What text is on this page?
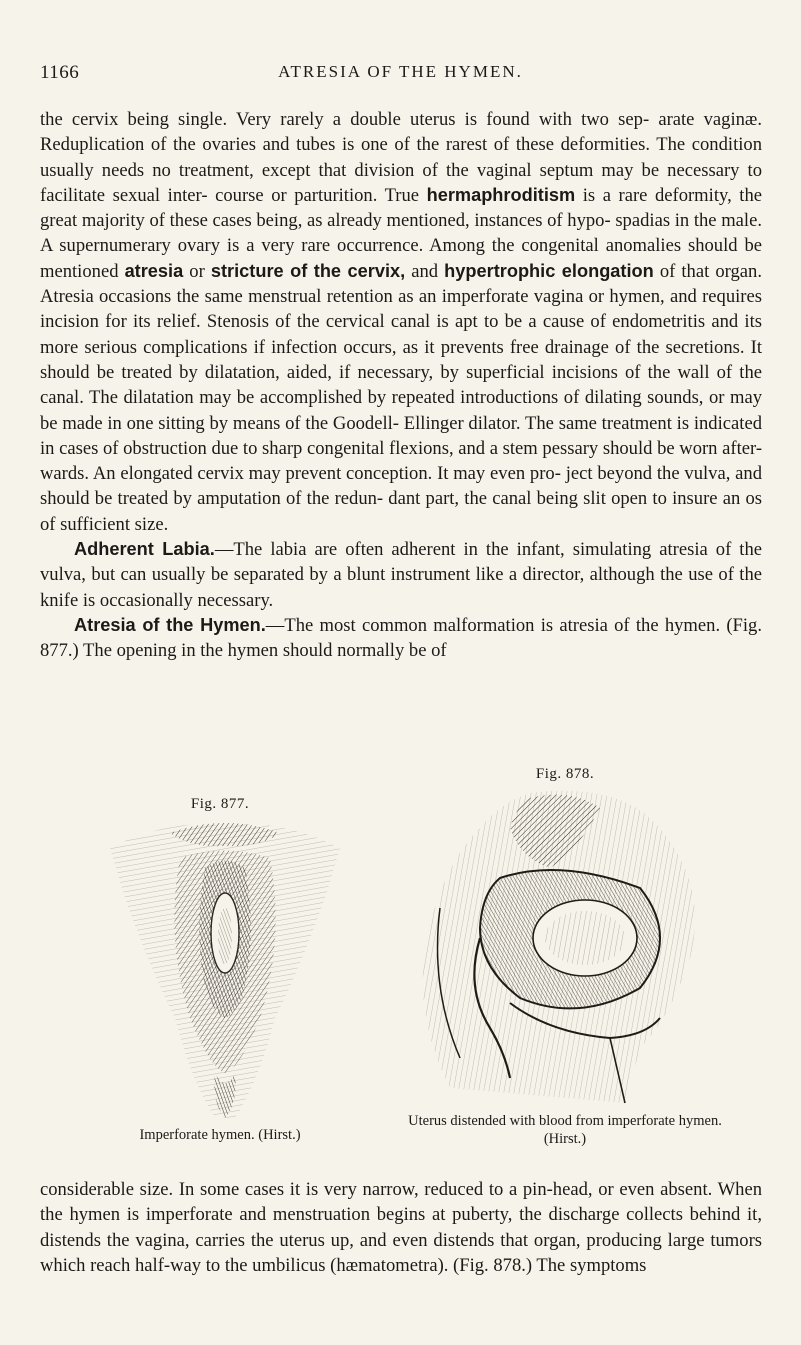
1166	ATRESIA OF THE HYMEN.

the cervix being single. Very rarely a double uterus is found with two sep- arate vaginæ. Reduplication of the ovaries and tubes is one of the rarest of these deformities. The condition usually needs no treatment, except that division of the vaginal septum may be necessary to facilitate sexual inter- course or parturition. True hermaphroditism is a rare deformity, the great majority of these cases being, as already mentioned, instances of hypo- spadias in the male. A supernumerary ovary is a very rare occurrence. Among the congenital anomalies should be mentioned atresia or stricture of the cervix, and hypertrophic elongation of that organ. Atresia occasions the same menstrual retention as an imperforate vagina or hymen, and requires incision for its relief. Stenosis of the cervical canal is apt to be a cause of endometritis and its more serious complications if infection occurs, as it prevents free drainage of the secretions. It should be treated by dilatation, aided, if necessary, by superficial incisions of the wall of the canal. The dilatation may be accomplished by repeated introductions of dilating sounds, or may be made in one sitting by means of the Goodell- Ellinger dilator. The same treatment is indicated in cases of obstruction due to sharp congenital flexions, and a stem pessary should be worn after- wards. An elongated cervix may prevent conception. It may even pro- ject beyond the vulva, and should be treated by amputation of the redun- dant part, the canal being slit open to insure an os of sufficient size.

Adherent Labia.—The labia are often adherent in the infant, simulating atresia of the vulva, but can usually be separated by a blunt instrument like a director, although the use of the knife is occasionally necessary.

Atresia of the Hymen.—The most common malformation is atresia of the hymen. (Fig. 877.) The opening in the hymen should normally be of

Fig. 877.
Imperforate hymen. (Hirst.)
Fig. 878.
Uterus distended with blood from imperforate hymen. (Hirst.)

considerable size. In some cases it is very narrow, reduced to a pin-head, or even absent. When the hymen is imperforate and menstruation begins at puberty, the discharge collects behind it, distends the vagina, carries the uterus up, and even distends that organ, producing large tumors which reach half-way to the umbilicus (hæmatometra). (Fig. 878.) The symptoms
